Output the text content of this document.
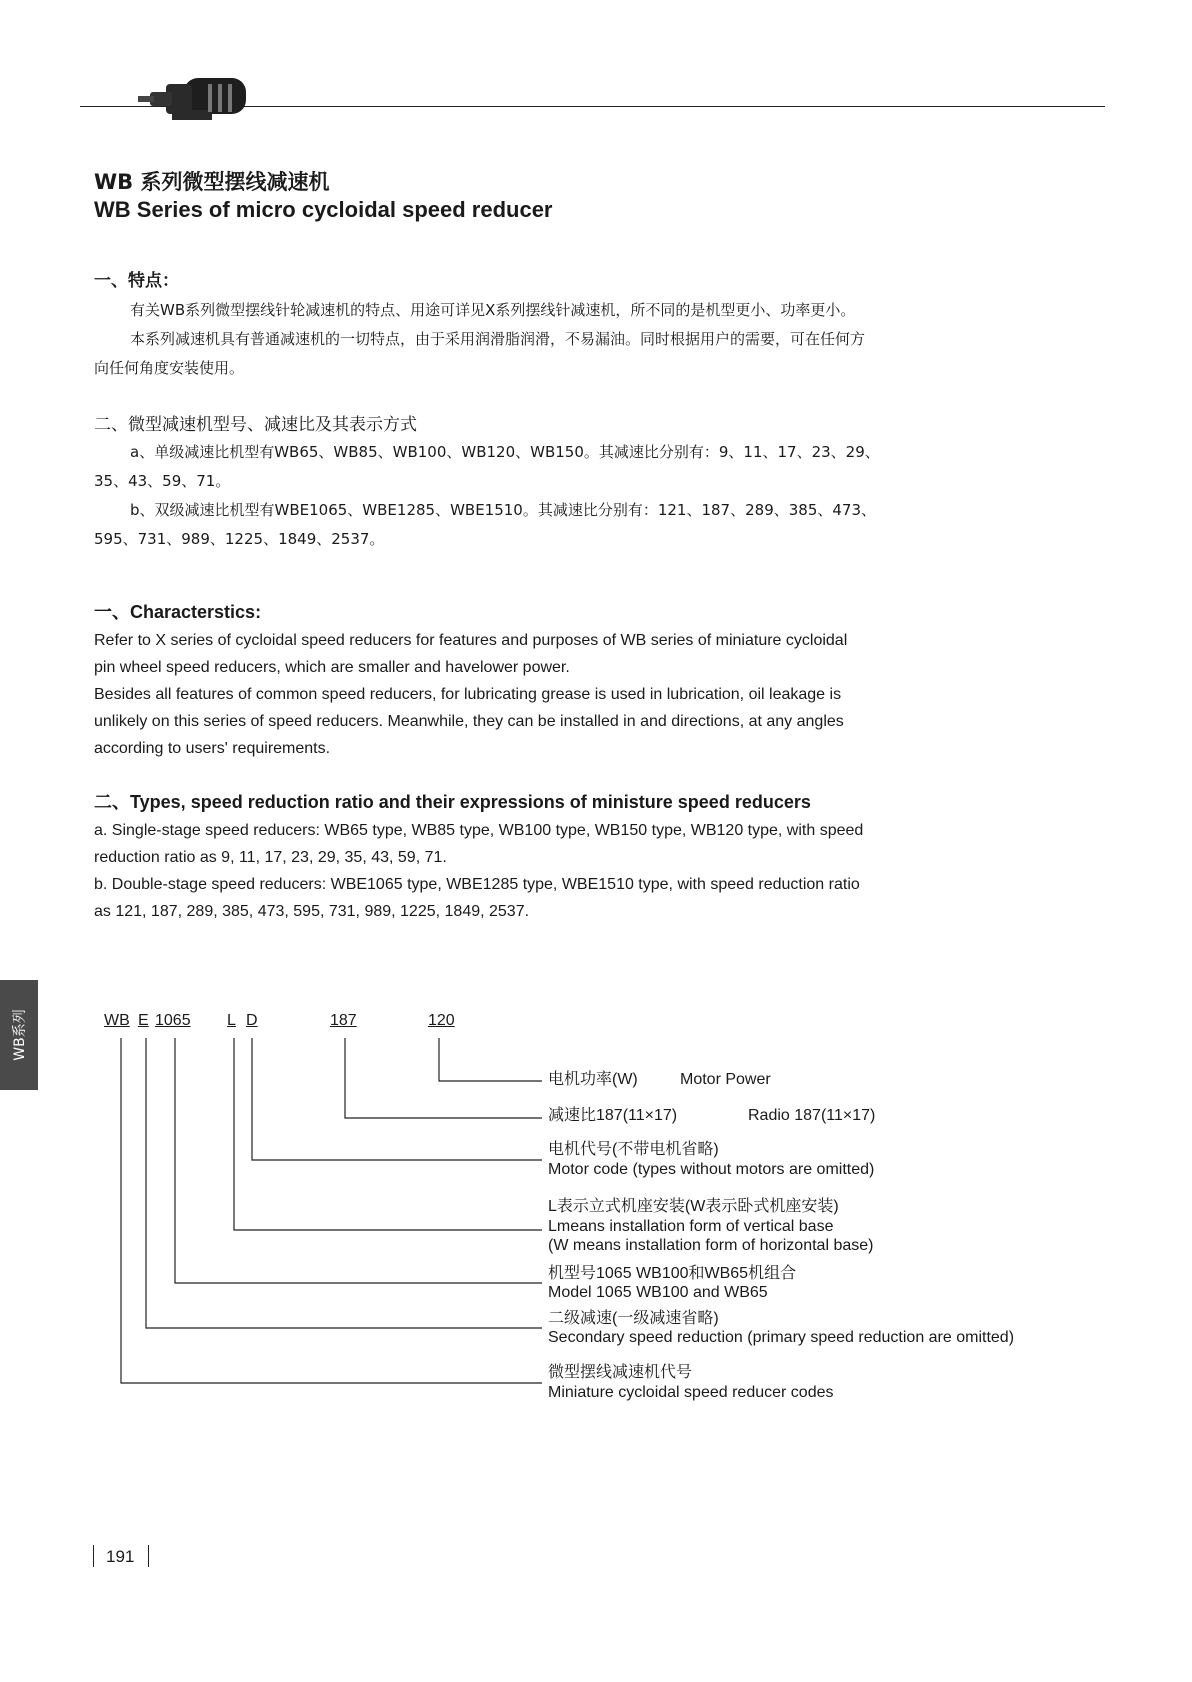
WB 系列微型摆线减速机
WB Series of micro cycloidal speed reducer
一、特点：
有关WB系列微型摆线针轮减速机的特点、用途可详见X系列摆线针减速机，所不同的是机型更小、功率更小。
本系列减速机具有普通减速机的一切特点，由于采用润滑脂润滑，不易漏油。同时根据用户的需要，可在任何方
向任何角度安装使用。
二、微型减速机型号、减速比及其表示方式
a、单级减速比机型有WB65、WB85、WB100、WB120、WB150。其减速比分别有：9、11、17、23、29、
35、43、59、71。
b、双级减速比机型有WBE1065、WBE1285、WBE1510。其减速比分别有：121、187、289、385、473、
595、731、989、1225、1849、2537。
一、Characterstics:
Refer to X series of cycloidal speed reducers for features and purposes of WB series of miniature cycloidal
pin wheel speed reducers, which are smaller and havelower power.
Besides all features of common speed reducers, for lubricating grease is used in lubrication, oil leakage is
unlikely on this series of speed reducers. Meanwhile, they can be installed in and directions, at any angles
according to users' requirements.
二、Types, speed reduction ratio and their expressions of ministure speed reducers
a. Single-stage speed reducers: WB65 type, WB85 type, WB100 type, WB150 type, WB120 type, with speed
reduction ratio as 9, 11, 17, 23, 29, 35, 43, 59, 71.
b. Double-stage speed reducers: WBE1065 type, WBE1285 type, WBE1510 type, with speed reduction ratio
as 121, 187, 289, 385, 473, 595, 731, 989, 1225, 1849, 2537.
WB系列	WB E 1065 L D	187	120
电机功率(W)	Motor Power
减速比187(11×17)	Radio 187(11×17)
电机代号(不带电机省略)
Motor code (types without motors are omitted)
L表示立式机座安装(W表示卧式机座安装)
Lmeans installation form of vertical base
(W means installation form of horizontal base)
机型号1065 WB100和WB65机组合
Model 1065 WB100 and WB65
二级减速(一级减速省略)
Secondary speed reduction (primary speed reduction are omitted)
微型摆线减速机代号
Miniature cycloidal speed reducer codes
191
